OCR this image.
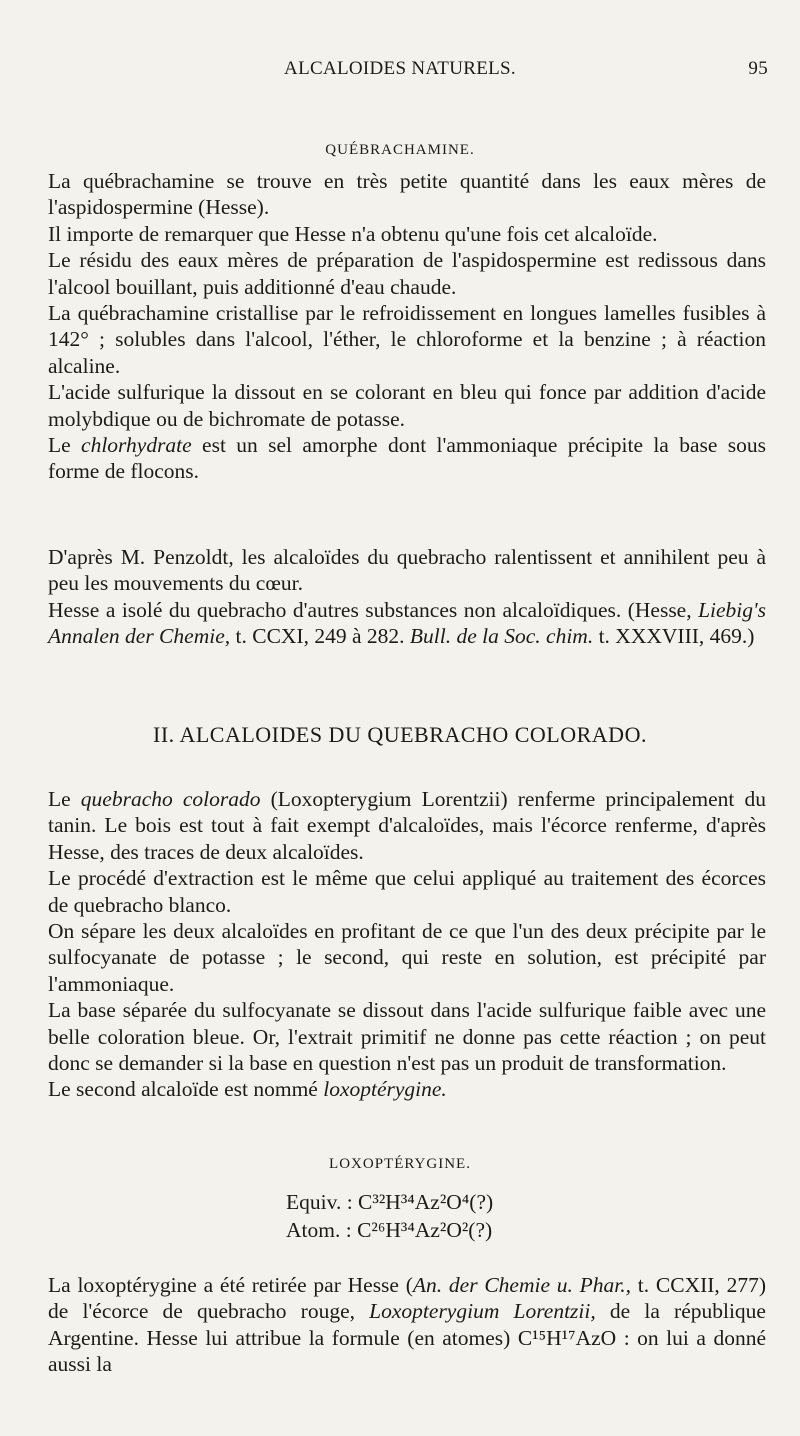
ALCALOIDES NATURELS.	95
QUÉBRACHAMINE.

La québrachamine se trouve en très petite quantité dans les eaux mères de l'aspidospermine (Hesse).

Il importe de remarquer que Hesse n'a obtenu qu'une fois cet alcaloïde.

Le résidu des eaux mères de préparation de l'aspidospermine est redissous dans l'alcool bouillant, puis additionné d'eau chaude.

La québrachamine cristallise par le refroidissement en longues lamelles fusibles à 142° ; solubles dans l'alcool, l'éther, le chloroforme et la benzine ; à réaction alcaline.

L'acide sulfurique la dissout en se colorant en bleu qui fonce par addition d'acide molybdique ou de bichromate de potasse.

Le chlorhydrate est un sel amorphe dont l'ammoniaque précipite la base sous forme de flocons.

D'après M. Penzoldt, les alcaloïdes du quebracho ralentissent et annihilent peu à peu les mouvements du cœur.

Hesse a isolé du quebracho d'autres substances non alcaloïdiques. (Hesse, Liebig's Annalen der Chemie, t. CCXI, 249 à 282. Bull. de la Soc. chim. t. XXXVIII, 469.)

II. ALCALOIDES DU QUEBRACHO COLORADO.

Le quebracho colorado (Loxopterygium Lorentzii) renferme principalement du tanin. Le bois est tout à fait exempt d'alcaloïdes, mais l'écorce renferme, d'après Hesse, des traces de deux alcaloïdes.

Le procédé d'extraction est le même que celui appliqué au traitement des écorces de quebracho blanco.

On sépare les deux alcaloïdes en profitant de ce que l'un des deux précipite par le sulfocyanate de potasse ; le second, qui reste en solution, est précipité par l'ammoniaque.

La base séparée du sulfocyanate se dissout dans l'acide sulfurique faible avec une belle coloration bleue. Or, l'extrait primitif ne donne pas cette réaction ; on peut donc se demander si la base en question n'est pas un produit de transformation.

Le second alcaloïde est nommé loxoptérygine.

LOXOPTÉRYGINE.
Equiv. : C³²H³⁴Az²O⁴(?)
Atom. : C²⁶H³⁴Az²O²(?)

La loxoptérygine a été retirée par Hesse (An. der Chemie u. Phar., t. CCXII, 277) de l'écorce de quebracho rouge, Loxopterygium Lorentzii, de la république Argentine. Hesse lui attribue la formule (en atomes) C¹⁵H¹⁷AzO : on lui a donné aussi la
